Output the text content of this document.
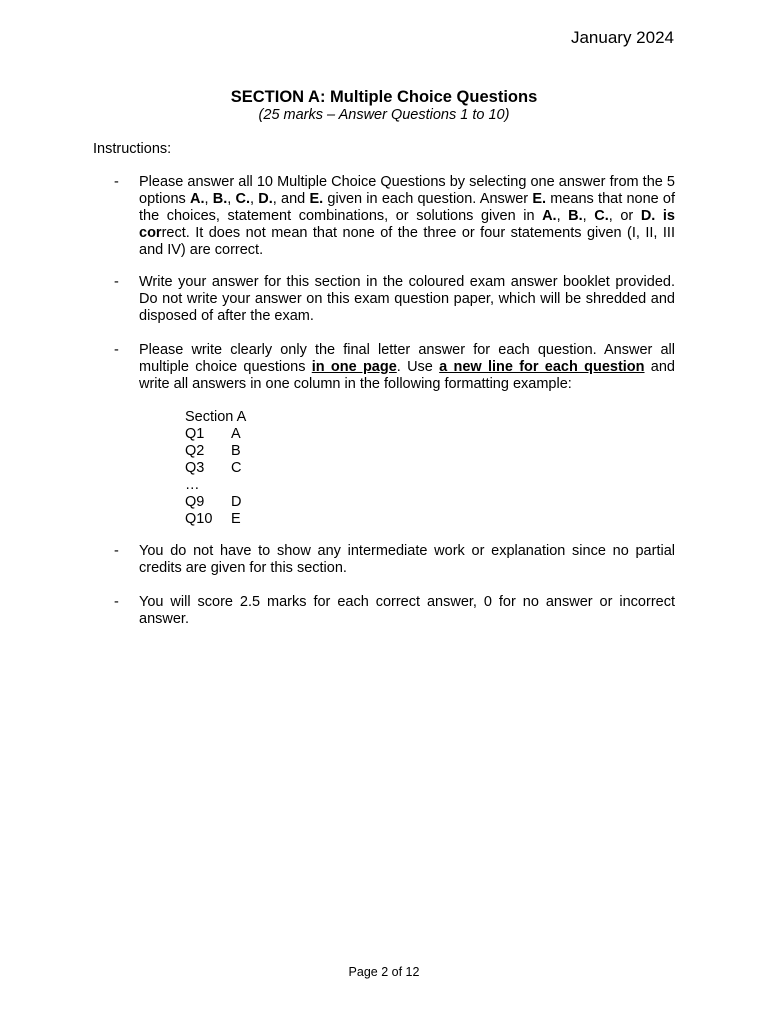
January 2024
SECTION A: Multiple Choice Questions
(25 marks – Answer Questions 1 to 10)
Instructions:
- Please answer all 10 Multiple Choice Questions by selecting one answer from the 5 options A., B., C., D., and E. given in each question. Answer E. means that none of the choices, statement combinations, or solutions given in A., B., C., or D. is correct. It does not mean that none of the three or four statements given (I, II, III and IV) are correct.
- Write your answer for this section in the coloured exam answer booklet provided. Do not write your answer on this exam question paper, which will be shredded and disposed of after the exam.
- Please write clearly only the final letter answer for each question. Answer all multiple choice questions in one page. Use a new line for each question and write all answers in one column in the following formatting example:
Section A
Q1 A
Q2 B
Q3 C
…
Q9 D
Q10 E
- You do not have to show any intermediate work or explanation since no partial credits are given for this section.
- You will score 2.5 marks for each correct answer, 0 for no answer or incorrect answer.
Page 2 of 12
